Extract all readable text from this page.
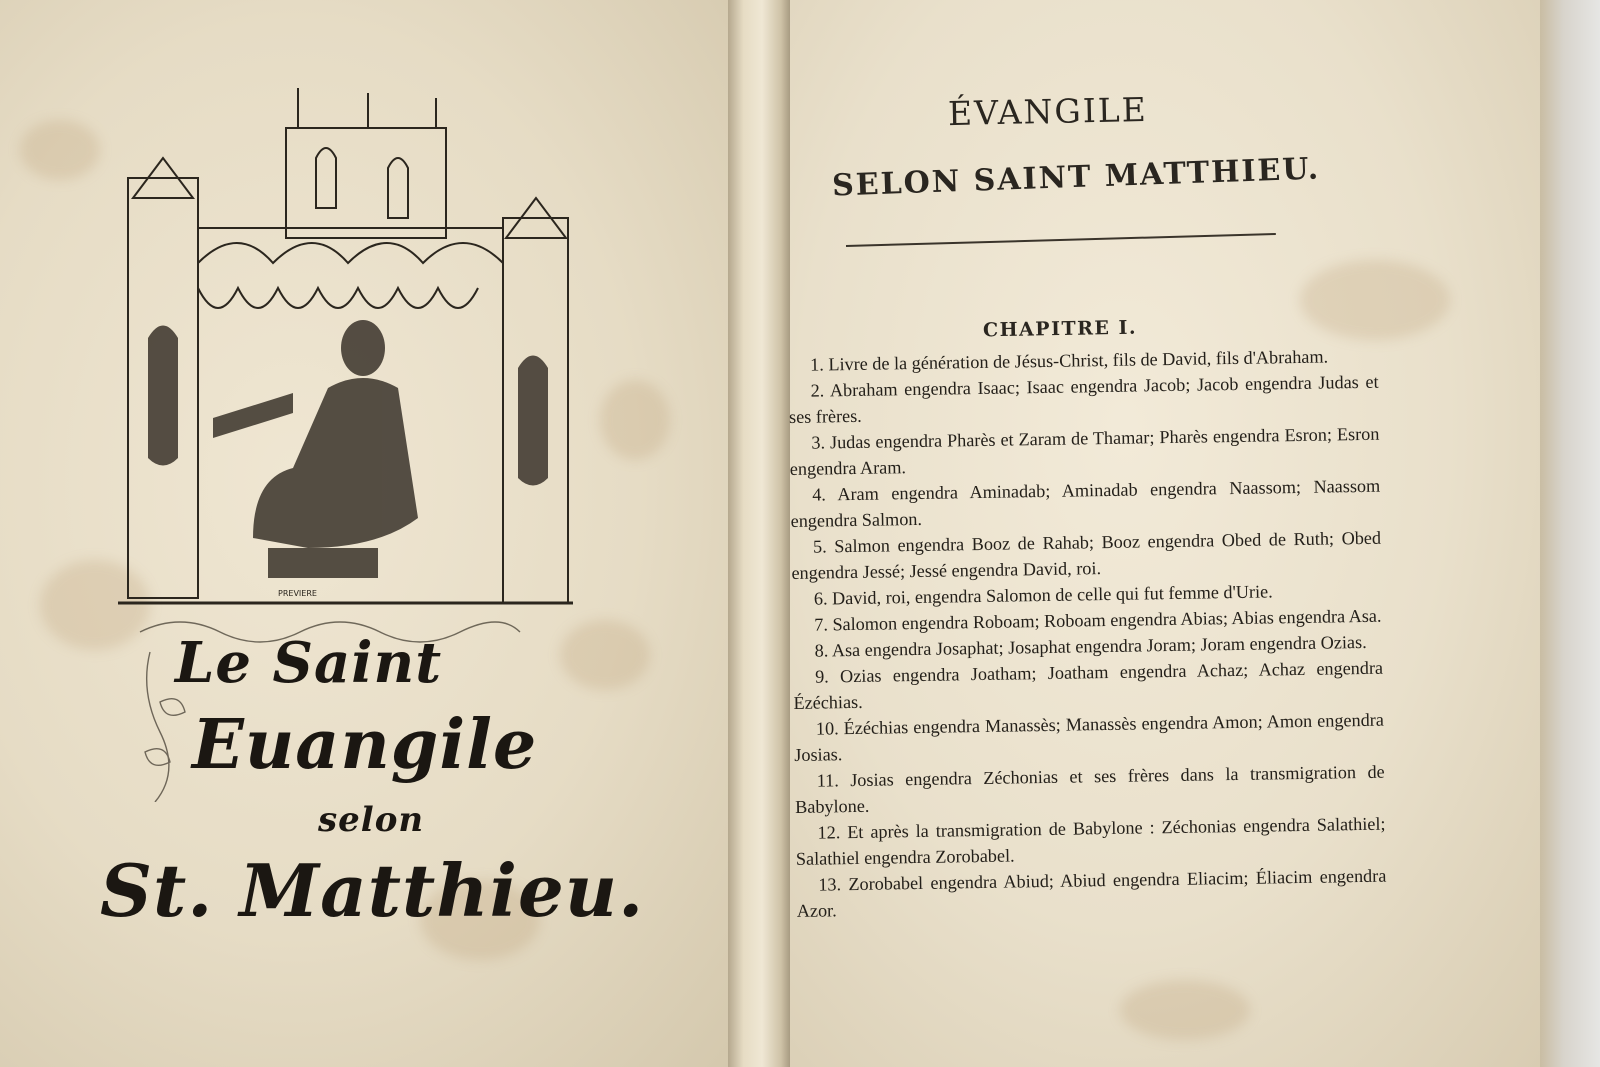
PREVIERE
Le Saint
Euangile
selon
St. Matthieu.
ÉVANGILE
SELON SAINT MATTHIEU.
CHAPITRE I.

1. Livre de la génération de Jésus-Christ, fils de David, fils d'Abraham.

2. Abraham engendra Isaac; Isaac engendra Jacob; Jacob engendra Judas et ses frères.

3. Judas engendra Pharès et Zaram de Thamar; Pharès engendra Esron; Esron engendra Aram.

4. Aram engendra Aminadab; Aminadab engendra Naassom; Naassom engendra Salmon.

5. Salmon engendra Booz de Rahab; Booz engendra Obed de Ruth; Obed engendra Jessé; Jessé engendra David, roi.

6. David, roi, engendra Salomon de celle qui fut femme d'Urie.

7. Salomon engendra Roboam; Roboam engendra Abias; Abias engendra Asa.

8. Asa engendra Josaphat; Josaphat engendra Joram; Joram engendra Ozias.

9. Ozias engendra Joatham; Joatham engendra Achaz; Achaz engendra Ézéchias.

10. Ézéchias engendra Manassès; Manassès engendra Amon; Amon engendra Josias.

11. Josias engendra Zéchonias et ses frères dans la transmigration de Babylone.

12. Et après la transmigration de Babylone : Zéchonias engendra Salathiel; Salathiel engendra Zorobabel.

13. Zorobabel engendra Abiud; Abiud engendra Eliacim; Éliacim engendra Azor.
